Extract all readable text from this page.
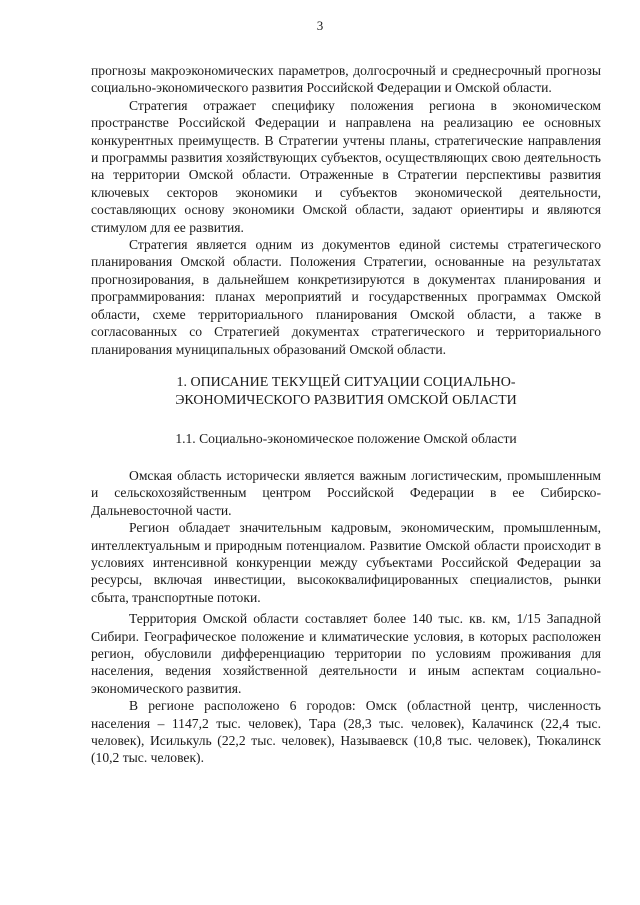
3

прогнозы макроэкономических параметров, долгосрочный и среднесрочный прогнозы социально-экономического развития Российской Федерации и Омской области.

Стратегия отражает специфику положения региона в экономическом пространстве Российской Федерации и направлена на реализацию ее основных конкурентных преимуществ. В Стратегии учтены планы, стратегические направления и программы развития хозяйствующих субъектов, осуществляющих свою деятельность на территории Омской области. Отраженные в Стратегии перспективы развития ключевых секторов экономики и субъектов экономической деятельности, составляющих основу экономики Омской области, задают ориентиры и являются стимулом для ее развития.

Стратегия является одним из документов единой системы стратегического планирования Омской области. Положения Стратегии, основанные на результатах прогнозирования, в дальнейшем конкретизируются в документах планирования и программирования: планах мероприятий и государственных программах Омской области, схеме территориального планирования Омской области, а также в согласованных со Стратегией документах стратегического и территориального планирования муниципальных образований Омской области.

1. ОПИСАНИЕ ТЕКУЩЕЙ СИТУАЦИИ СОЦИАЛЬНО-ЭКОНОМИЧЕСКОГО РАЗВИТИЯ ОМСКОЙ ОБЛАСТИ
1.1. Социально-экономическое положение Омской области

Омская область исторически является важным логистическим, промышленным и сельскохозяйственным центром Российской Федерации в ее Сибирско-Дальневосточной части.

Регион обладает значительным кадровым, экономическим, промышленным, интеллектуальным и природным потенциалом. Развитие Омской области происходит в условиях интенсивной конкуренции между субъектами Российской Федерации за ресурсы, включая инвестиции, высококвалифицированных специалистов, рынки сбыта, транспортные потоки.

Территория Омской области составляет более 140 тыс. кв. км, 1/15 Западной Сибири. Географическое положение и климатические условия, в которых расположен регион, обусловили дифференциацию территории по условиям проживания для населения, ведения хозяйственной деятельности и иным аспектам социально-экономического развития.

В регионе расположено 6 городов: Омск (областной центр, численность населения – 1147,2 тыс. человек), Тара (28,3 тыс. человек), Калачинск (22,4 тыс. человек), Исилькуль (22,2 тыс. человек), Называевск (10,8 тыс. человек), Тюкалинск (10,2 тыс. человек).
